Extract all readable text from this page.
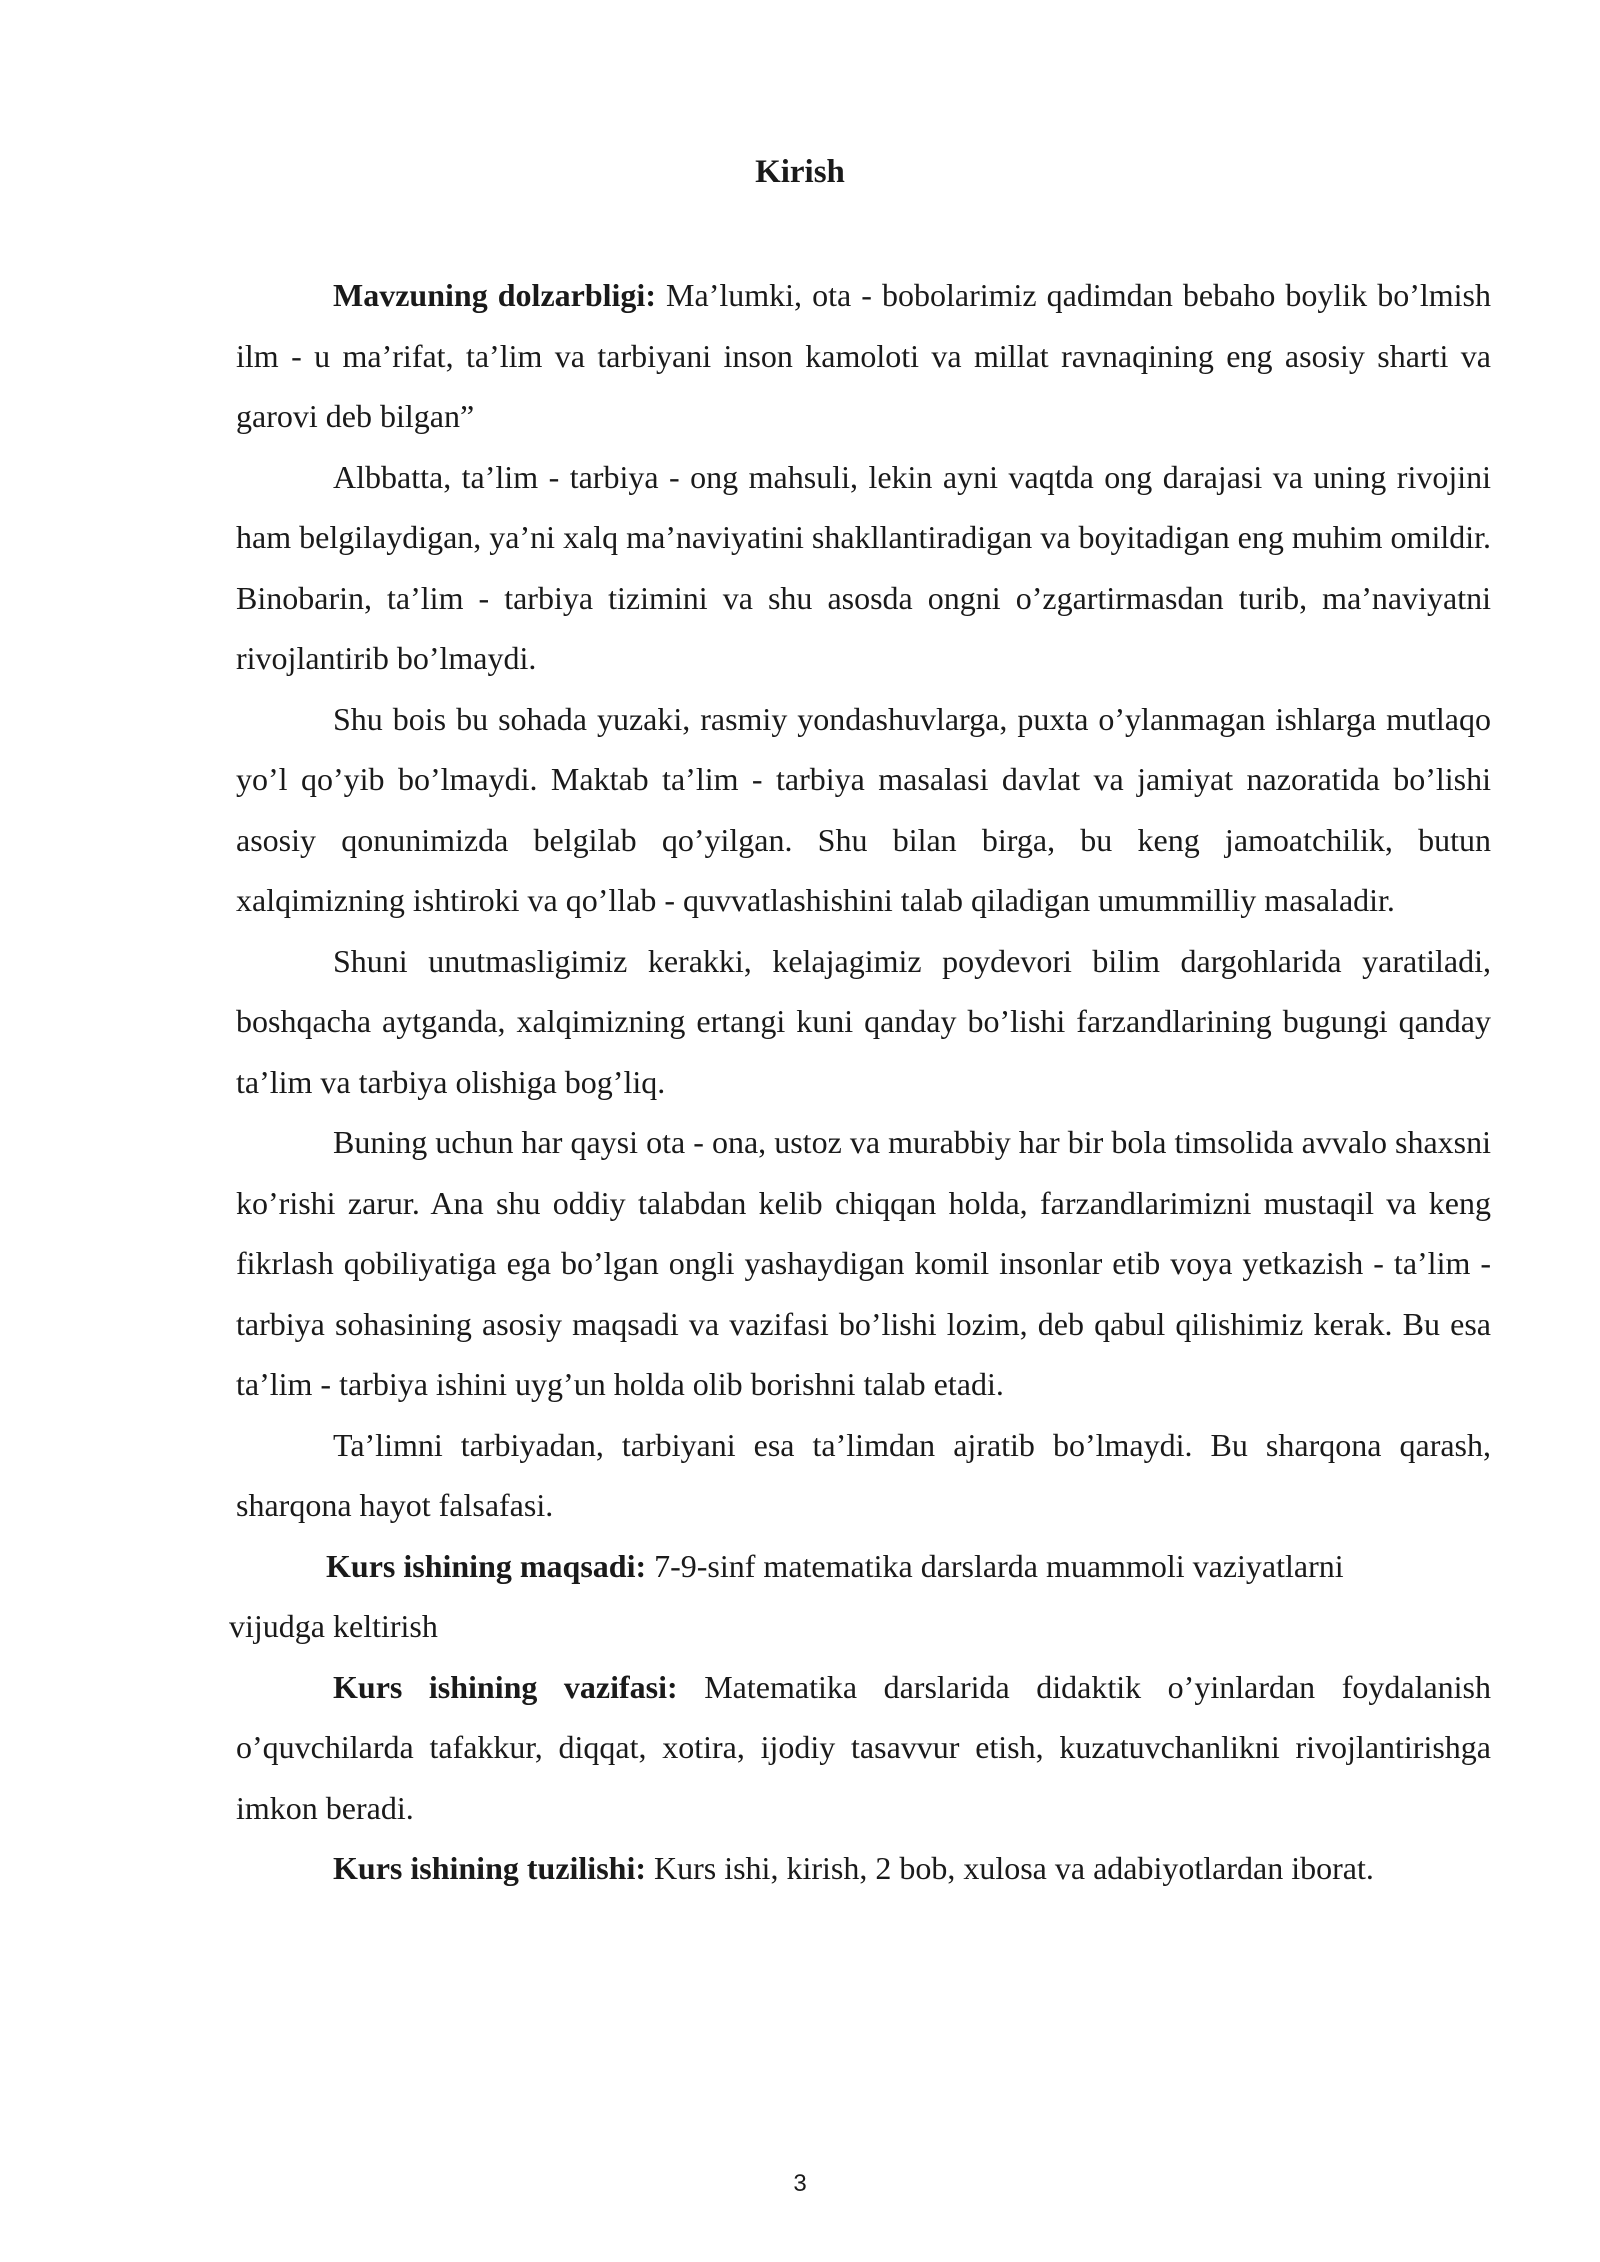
Kirish

Mavzuning dolzarbligi: Ma’lumki, ota - bobolarimiz qadimdan bebaho boylik bo’lmish ilm - u ma’rifat, ta’lim va tarbiyani inson kamoloti va millat ravnaqining eng asosiy sharti va garovi deb bilgan”

Albbatta, ta’lim - tarbiya - ong mahsuli, lekin ayni vaqtda ong darajasi va uning rivojini ham belgilaydigan, ya’ni xalq ma’naviyatini shakllantiradigan va boyitadigan eng muhim omildir. Binobarin, ta’lim - tarbiya tizimini va shu asosda ongni o’zgartirmasdan turib, ma’naviyatni rivojlantirib bo’lmaydi.

Shu bois bu sohada yuzaki, rasmiy yondashuvlarga, puxta o’ylanmagan ishlarga mutlaqo yo’l qo’yib bo’lmaydi. Maktab ta’lim - tarbiya masalasi davlat va jamiyat nazoratida bo’lishi asosiy qonunimizda belgilab qo’yilgan. Shu bilan birga, bu keng jamoatchilik, butun xalqimizning ishtiroki va qo’llab - quvvatlashishini talab qiladigan umummilliy masaladir.

Shuni unutmasligimiz kerakki, kelajagimiz poydevori bilim dargohlarida yaratiladi, boshqacha aytganda, xalqimizning ertangi kuni qanday bo’lishi farzandlarining bugungi qanday ta’lim va tarbiya olishiga bog’liq.

Buning uchun har qaysi ota - ona, ustoz va murabbiy har bir bola timsolida avvalo shaxsni ko’rishi zarur. Ana shu oddiy talabdan kelib chiqqan holda, farzandlarimizni mustaqil va keng fikrlash qobiliyatiga ega bo’lgan ongli yashaydigan komil insonlar etib voya yetkazish - ta’lim - tarbiya sohasining asosiy maqsadi va vazifasi bo’lishi lozim, deb qabul qilishimiz kerak. Bu esa ta’lim - tarbiya ishini uyg’un holda olib borishni talab etadi.

Ta’limni tarbiyadan, tarbiyani esa ta’limdan ajratib bo’lmaydi. Bu sharqona qarash, sharqona hayot falsafasi.

Kurs ishining maqsadi: 7-9-sinf matematika darslarda muammoli vaziyatlarni vijudga keltirish

Kurs ishining vazifasi: Matematika darslarida didaktik o’yinlardan foydalanish o’quvchilarda tafakkur, diqqat, xotira, ijodiy tasavvur etish, kuzatuvchanlikni rivojlantirishga imkon beradi.

Kurs ishining tuzilishi: Kurs ishi, kirish, 2 bob, xulosa va adabiyotlardan iborat.

3
